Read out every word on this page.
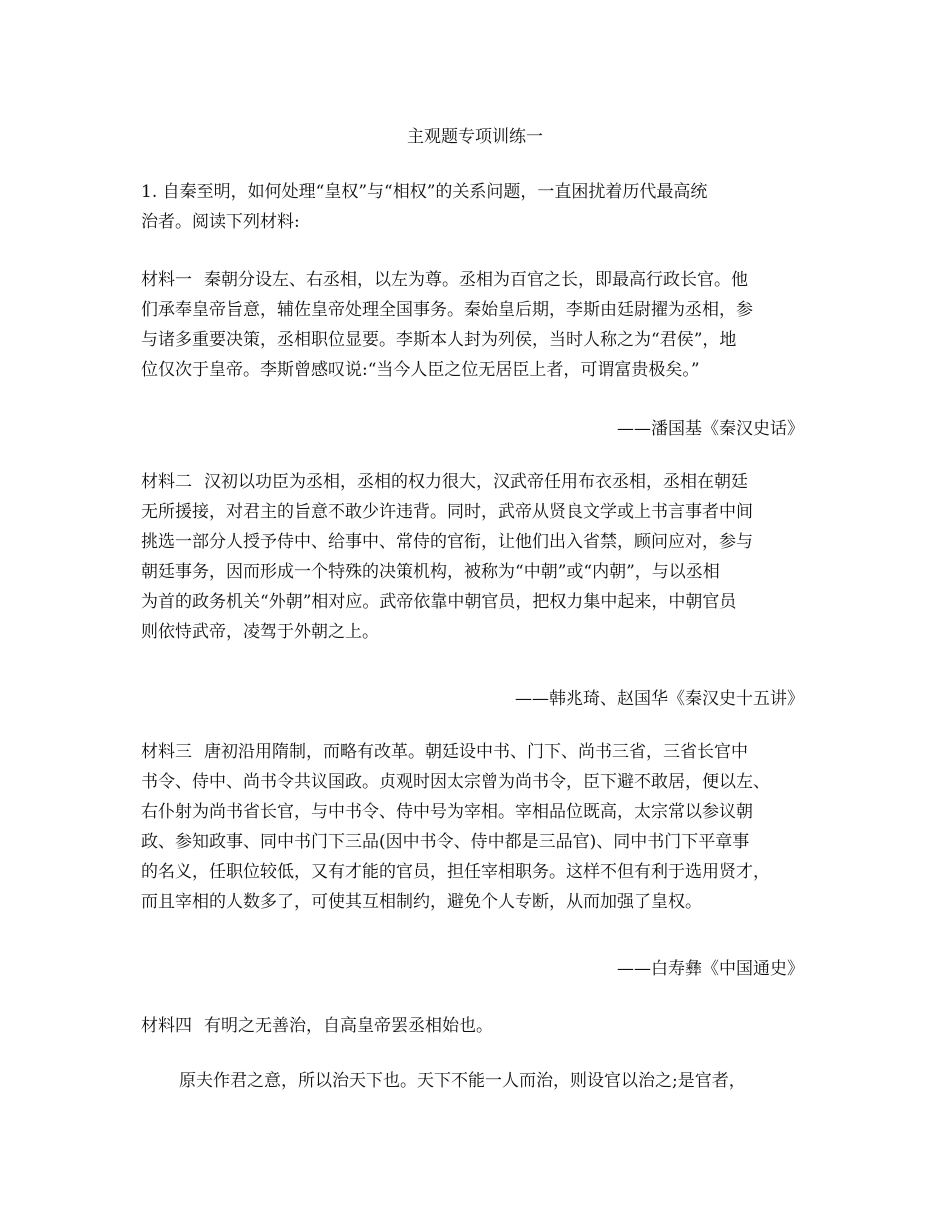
主观题专项训练一
1. 自秦至明，如何处理“皇权”与“相权”的关系问题，一直困扰着历代最高统
治者。阅读下列材料:
材料一 秦朝分设左、右丞相，以左为尊。丞相为百官之长，即最高行政长官。他
们承奉皇帝旨意，辅佐皇帝处理全国事务。秦始皇后期，李斯由廷尉擢为丞相，参
与诸多重要决策，丞相职位显要。李斯本人封为列侯，当时人称之为“君侯”，地
位仅次于皇帝。李斯曾感叹说:“当今人臣之位无居臣上者，可谓富贵极矣。”
——潘国基《秦汉史话》
材料二 汉初以功臣为丞相，丞相的权力很大，汉武帝任用布衣丞相，丞相在朝廷
无所援接，对君主的旨意不敢少许违背。同时，武帝从贤良文学或上书言事者中间
挑选一部分人授予侍中、给事中、常侍的官衔，让他们出入省禁，顾问应对，参与
朝廷事务，因而形成一个特殊的决策机构，被称为“中朝”或“内朝”，与以丞相
为首的政务机关“外朝”相对应。武帝依靠中朝官员，把权力集中起来，中朝官员
则依恃武帝，凌驾于外朝之上。
——韩兆琦、赵国华《秦汉史十五讲》
材料三 唐初沿用隋制，而略有改革。朝廷设中书、门下、尚书三省，三省长官中
书令、侍中、尚书令共议国政。贞观时因太宗曾为尚书令，臣下避不敢居，便以左、
右仆射为尚书省长官，与中书令、侍中号为宰相。宰相品位既高，太宗常以参议朝
政、参知政事、同中书门下三品(因中书令、侍中都是三品官)、同中书门下平章事
的名义，任职位较低，又有才能的官员，担任宰相职务。这样不但有利于选用贤才，
而且宰相的人数多了，可使其互相制约，避免个人专断，从而加强了皇权。
——白寿彝《中国通史》
材料四 有明之无善治，自高皇帝罢丞相始也。
原夫作君之意，所以治天下也。天下不能一人而治，则设官以治之;是官者，
